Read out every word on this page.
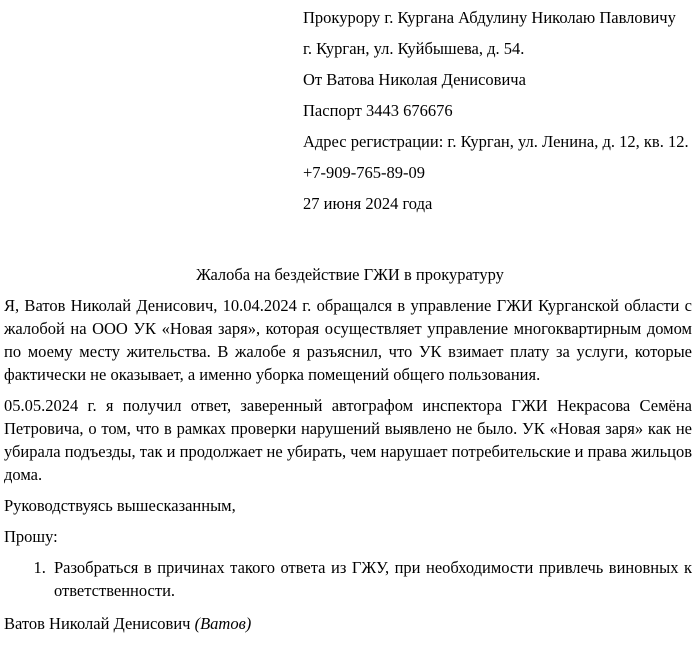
Прокурору г. Кургана Абдулину Николаю Павловичу

г. Курган, ул. Куйбышева, д. 54.

От Ватова Николая Денисовича

Паспорт 3443 676676

Адрес регистрации: г. Курган, ул. Ленина, д. 12, кв. 12.

+7-909-765-89-09

27 июня 2024 года

Жалоба на бездействие ГЖИ в прокуратуру

Я, Ватов Николай Денисович, 10.04.2024 г. обращался в управление ГЖИ Курганской области с жалобой на ООО УК «Новая заря», которая осуществляет управление многоквартирным домом по моему месту жительства. В жалобе я разъяснил, что УК взимает плату за услуги, которые фактически не оказывает, а именно уборка помещений общего пользования.

05.05.2024 г. я получил ответ, заверенный автографом инспектора ГЖИ Некрасова Семёна Петровича, о том, что в рамках проверки нарушений выявлено не было. УК «Новая заря» как не убирала подъезды, так и продолжает не убирать, чем нарушает потребительские и права жильцов дома.

Руководствуясь вышесказанным,

Прошу:

1. Разобраться в причинах такого ответа из ГЖУ, при необходимости привлечь виновных к ответственности.

Ватов Николай Денисович (Ватов)
